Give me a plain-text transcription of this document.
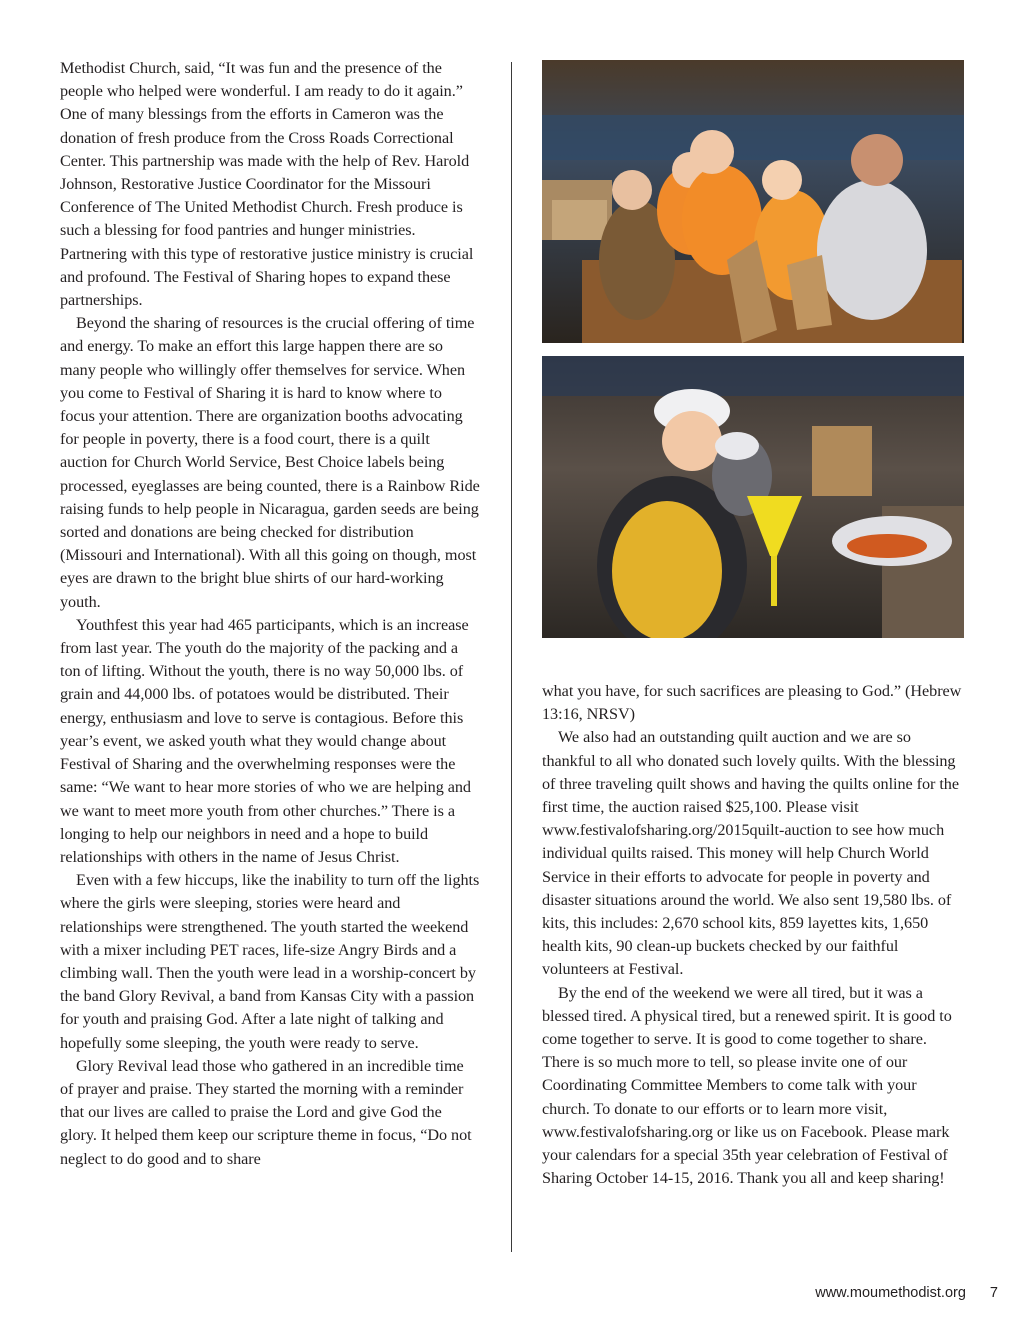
Methodist Church, said, “It was fun and the presence of the people who helped were wonderful. I am ready to do it again.” One of many blessings from the efforts in Cameron was the donation of fresh produce from the Cross Roads Correctional Center. This partnership was made with the help of Rev. Harold Johnson, Restorative Justice Coordinator for the Missouri Conference of The United Methodist Church. Fresh produce is such a blessing for food pantries and hunger ministries. Partnering with this type of restorative justice ministry is crucial and profound. The Festival of Sharing hopes to expand these partnerships.

Beyond the sharing of resources is the crucial offering of time and energy. To make an effort this large happen there are so many people who willingly offer themselves for service. When you come to Festival of Sharing it is hard to know where to focus your attention. There are organization booths advocating for people in poverty, there is a food court, there is a quilt auction for Church World Service, Best Choice labels being processed, eyeglasses are being counted, there is a Rainbow Ride raising funds to help people in Nicaragua, garden seeds are being sorted and donations are being checked for distribution (Missouri and International). With all this going on though, most eyes are drawn to the bright blue shirts of our hard-working youth.

Youthfest this year had 465 participants, which is an increase from last year. The youth do the majority of the packing and a ton of lifting. Without the youth, there is no way 50,000 lbs. of grain and 44,000 lbs. of potatoes would be distributed. Their energy, enthusiasm and love to serve is contagious. Before this year’s event, we asked youth what they would change about Festival of Sharing and the overwhelming responses were the same: “We want to hear more stories of who we are helping and we want to meet more youth from other churches.” There is a longing to help our neighbors in need and a hope to build relationships with others in the name of Jesus Christ.

Even with a few hiccups, like the inability to turn off the lights where the girls were sleeping, stories were heard and relationships were strengthened. The youth started the weekend with a mixer including PET races, life-size Angry Birds and a climbing wall. Then the youth were lead in a worship-concert by the band Glory Revival, a band from Kansas City with a passion for youth and praising God. After a late night of talking and hopefully some sleeping, the youth were ready to serve.

Glory Revival lead those who gathered in an incredible time of prayer and praise. They started the morning with a reminder that our lives are called to praise the Lord and give God the glory. It helped them keep our scripture theme in focus, “Do not neglect to do good and to share

what you have, for such sacrifices are pleasing to God.” (Hebrew 13:16, NRSV)

We also had an outstanding quilt auction and we are so thankful to all who donated such lovely quilts. With the blessing of three traveling quilt shows and having the quilts online for the first time, the auction raised $25,100. Please visit www.festivalofsharing.org/2015quilt-auction to see how much individual quilts raised. This money will help Church World Service in their efforts to advocate for people in poverty and disaster situations around the world. We also sent 19,580 lbs. of kits, this includes: 2,670 school kits, 859 layettes kits, 1,650 health kits, 90 clean-up buckets checked by our faithful volunteers at Festival.

By the end of the weekend we were all tired, but it was a blessed tired. A physical tired, but a renewed spirit. It is good to come together to serve. It is good to come together to share. There is so much more to tell, so please invite one of our Coordinating Committee Members to come talk with your church. To donate to our efforts or to learn more visit, www.festivalofsharing.org or like us on Facebook. Please mark your calendars for a special 35th year celebration of Festival of Sharing October 14-15, 2016. Thank you all and keep sharing!

www.moumethodist.org 7
